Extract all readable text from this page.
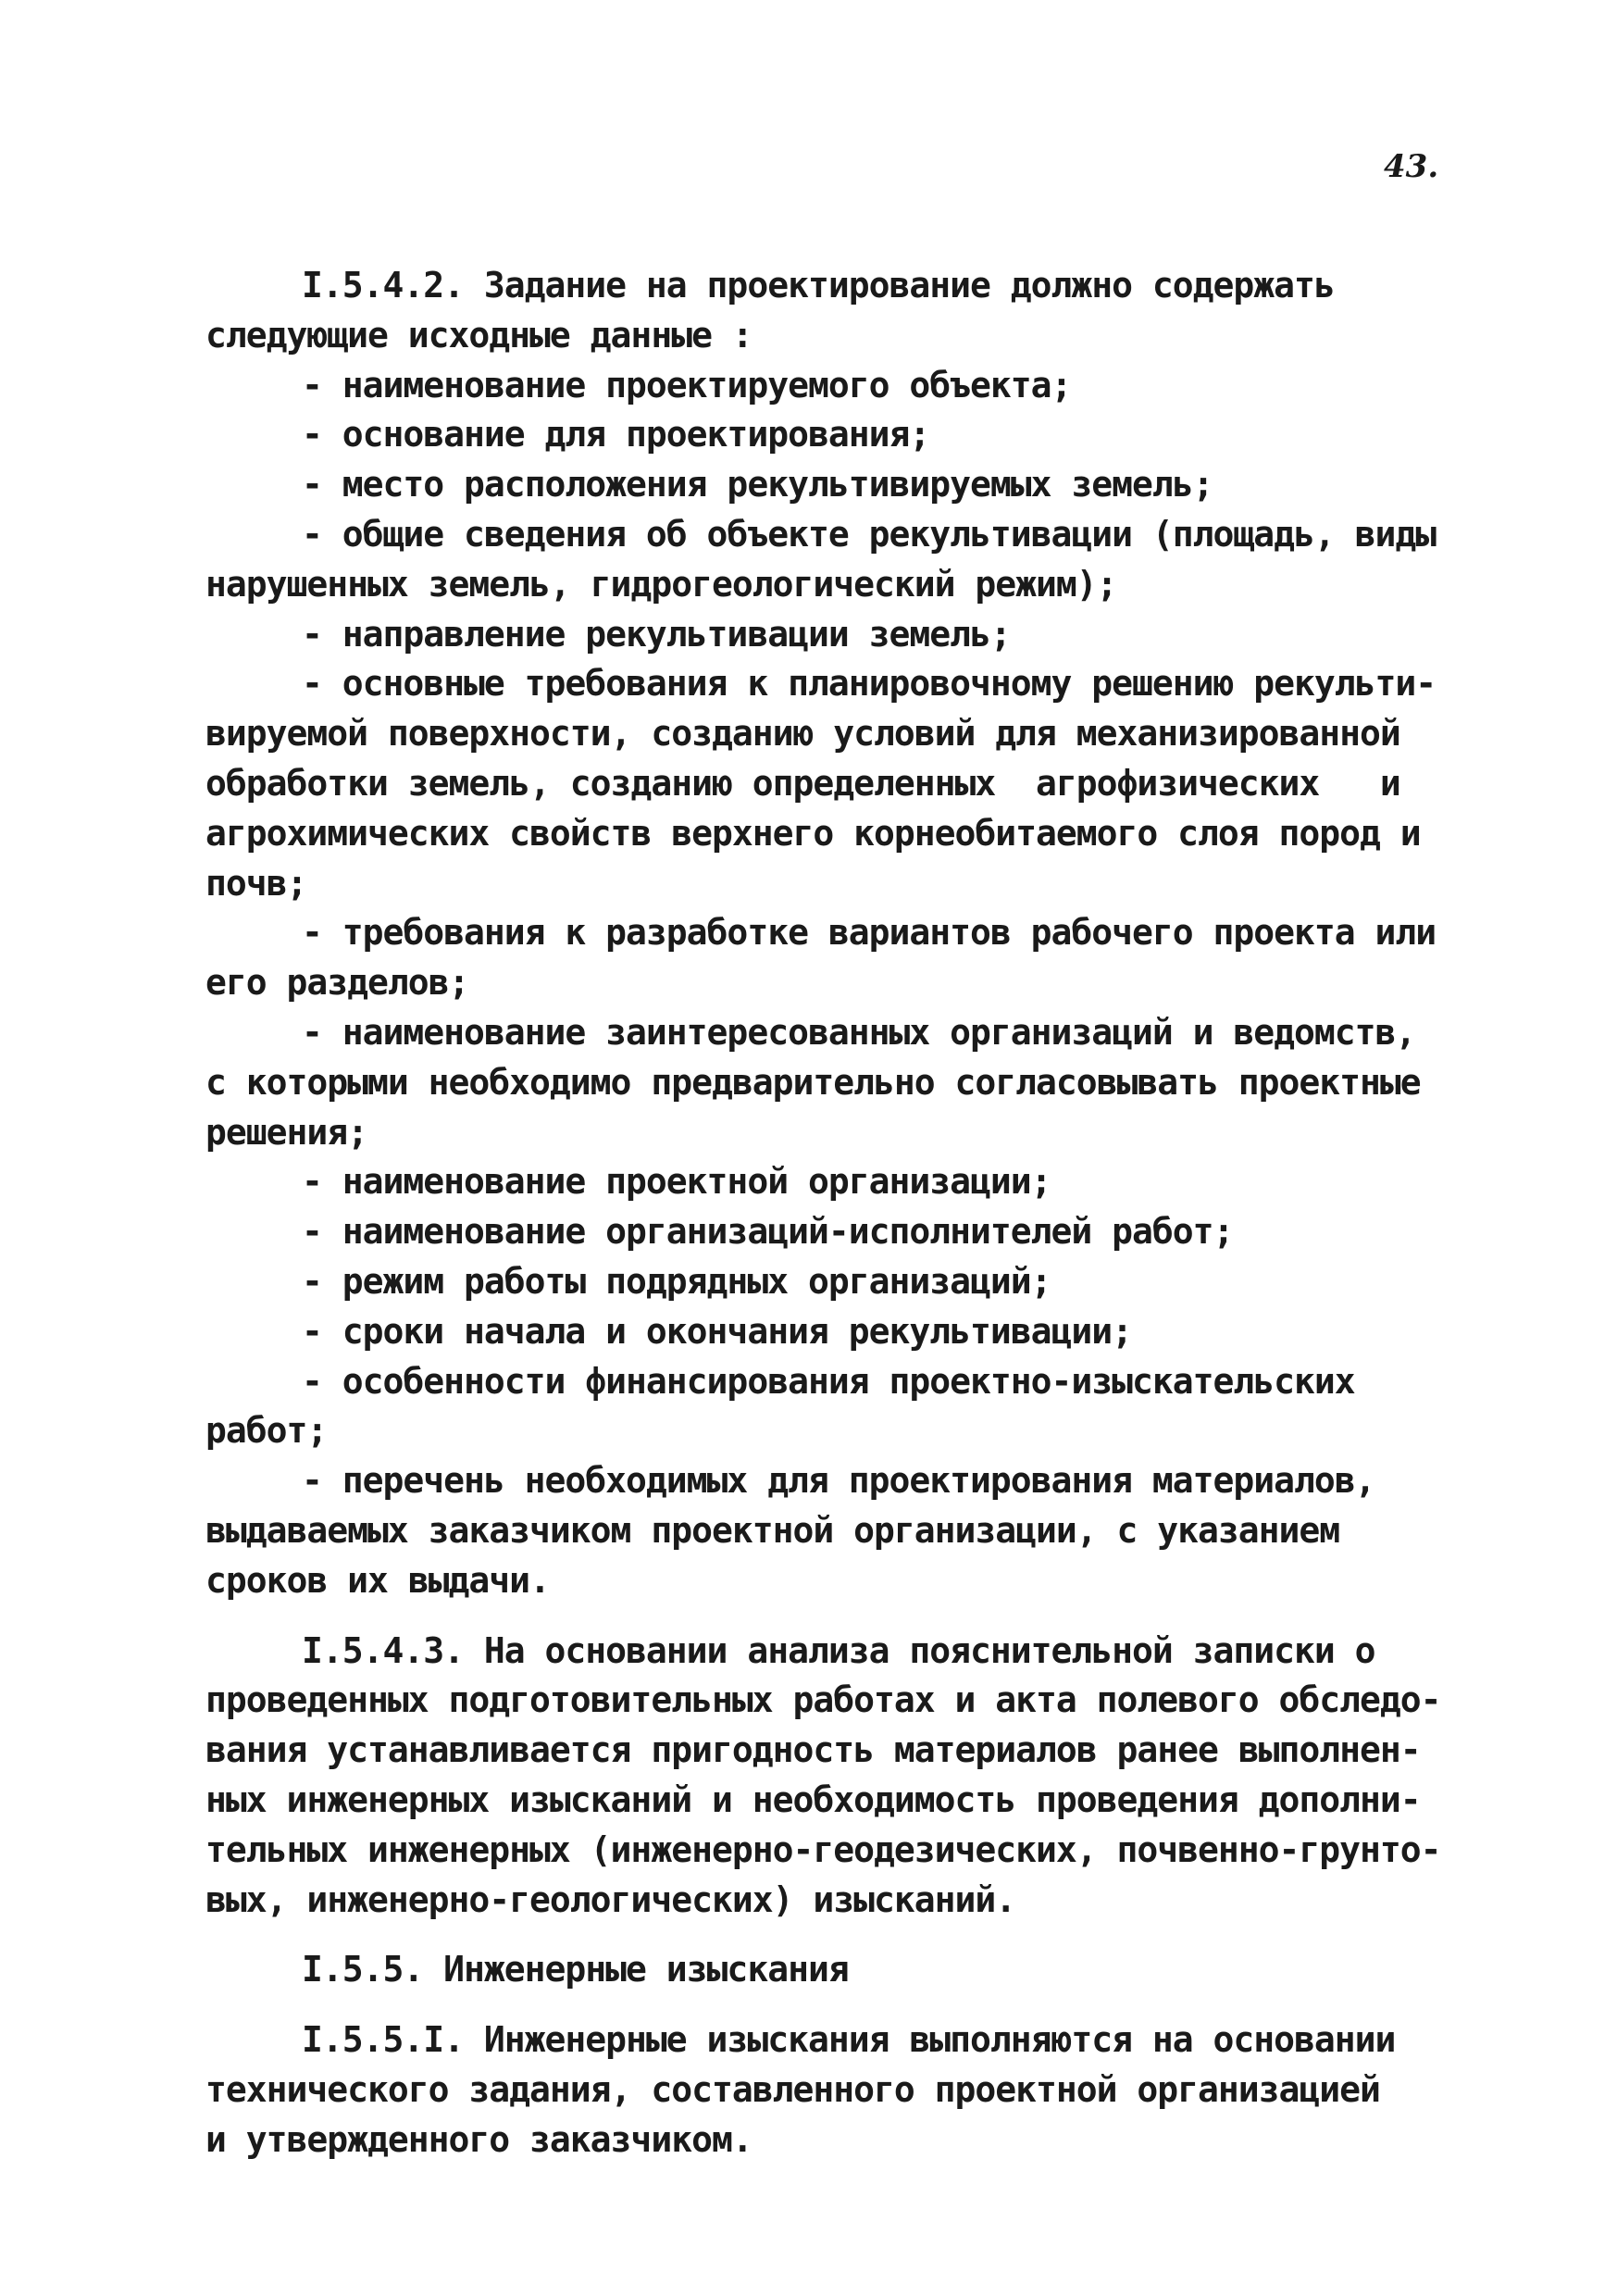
43.
I.5.4.2. Задание на проектирование должно содержать
следующие исходные данные :
- наименование проектируемого объекта;
- основание для проектирования;
- место расположения рекультивируемых земель;
- общие сведения об объекте рекультивации (площадь, виды
нарушенных земель, гидрогеологический режим);
- направление рекультивации земель;
- основные требования к планировочному решению рекульти-
вируемой поверхности, созданию условий для механизированной
обработки земель, созданию определенных  агрофизических   и
агрохимических свойств верхнего корнеобитаемого слоя пород и
почв;
- требования к разработке вариантов рабочего проекта или
его разделов;
- наименование заинтересованных организаций и ведомств,
с которыми необходимо предварительно согласовывать проектные
решения;
- наименование проектной организации;
- наименование организаций-исполнителей работ;
- режим работы подрядных организаций;
- сроки начала и окончания рекультивации;
- особенности финансирования проектно-изыскательских
работ;
- перечень необходимых для проектирования материалов,
выдаваемых заказчиком проектной организации, с указанием
сроков их выдачи.
I.5.4.3. На основании анализа пояснительной записки о
проведенных подготовительных работах и акта полевого обследо-
вания устанавливается пригодность материалов ранее выполнен-
ных инженерных изысканий и необходимость проведения дополни-
тельных инженерных (инженерно-геодезических, почвенно-грунто-
вых, инженерно-геологических) изысканий.
I.5.5. Инженерные изыскания
I.5.5.I. Инженерные изыскания выполняются на основании
технического задания, составленного проектной организацией
и утвержденного заказчиком.
